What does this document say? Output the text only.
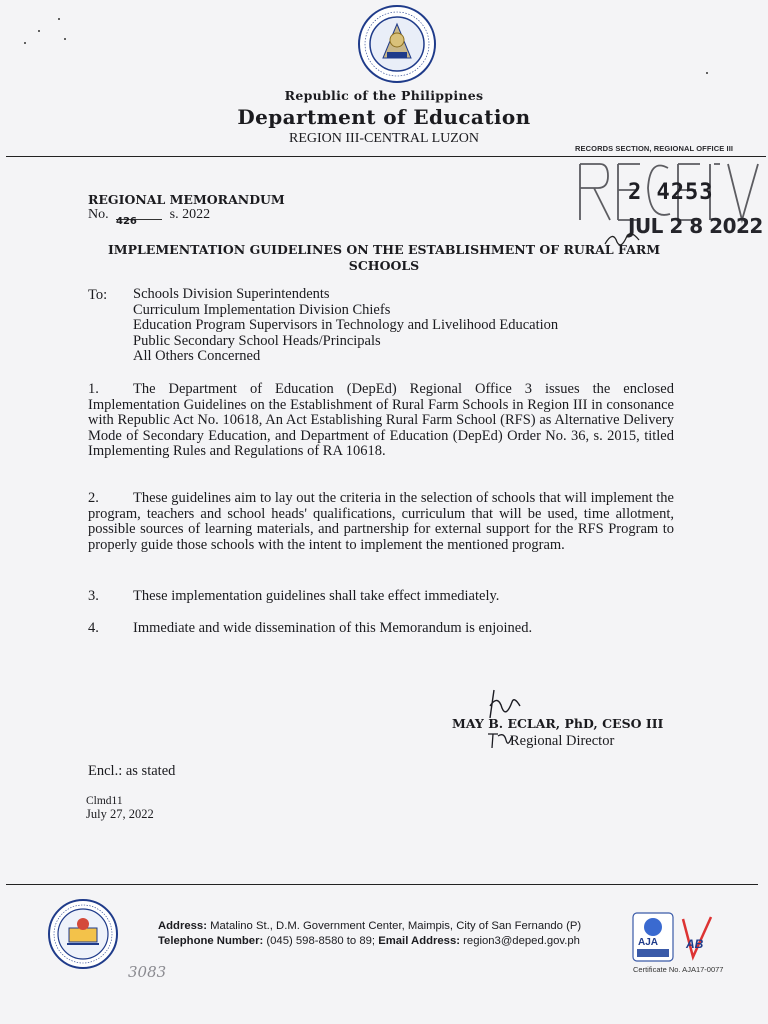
Republic of the Philippines
Department of Education
REGION III-CENTRAL LUZON
RECORDS SECTION, REGIONAL OFFICE III
2 4253
JUL 2 8 2022
REGIONAL MEMORANDUM
No.	s. 2022
426
IMPLEMENTATION GUIDELINES ON THE ESTABLISHMENT OF RURAL FARM SCHOOLS
To: Schools Division Superintendents
Curriculum Implementation Division Chiefs
Education Program Supervisors in Technology and Livelihood Education
Public Secondary School Heads/Principals
All Others Concerned
1. The Department of Education (DepEd) Regional Office 3 issues the enclosed Implementation Guidelines on the Establishment of Rural Farm Schools in Region III in consonance with Republic Act No. 10618, An Act Establishing Rural Farm School (RFS) as Alternative Delivery Mode of Secondary Education, and Department of Education (DepEd) Order No. 36, s. 2015, titled Implementing Rules and Regulations of RA 10618.
2. These guidelines aim to lay out the criteria in the selection of schools that will implement the program, teachers and school heads' qualifications, curriculum that will be used, time allotment, possible sources of learning materials, and partnership for external support for the RFS Program to properly guide those schools with the intent to implement the mentioned program.
3. These implementation guidelines shall take effect immediately.
4. Immediate and wide dissemination of this Memorandum is enjoined.
MAY B. ECLAR, PhD, CESO III
Regional Director
Encl.: as stated
Clmd11
July 27, 2022
Address: Matalino St., D.M. Government Center, Maimpis, City of San Fernando (P)
Telephone Number: (045) 598-8580 to 89; Email Address: region3@deped.gov.ph
3083
AJA AB
Certificate No. AJA17-0077
